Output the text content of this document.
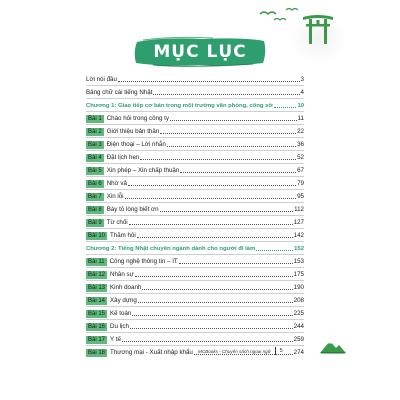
MỤC LỤC
Lời nói đầu	3
Bảng chữ cái tiếng Nhật	4
Chương 1: Giao tiếp cơ bản trong môi trường văn phòng, công sở	10
Bài 1 Chào hỏi trong công ty	11
Bài 2 Giới thiệu bản thân	22
Bài 3 Điện thoại – Lời nhắn	36
Bài 4 Đặt lịch hẹn	52
Bài 5 Xin phép – Xin chấp thuận	67
Bài 6 Nhờ vả	79
Bài 7 Xin lỗi	95
Bài 8 Bày tỏ lòng biết ơn	112
Bài 9 Từ chối	127
Bài 10 Thăm hỏi	142
Chương 2: Tiếng Nhật chuyên ngành dành cho người đi làm	152
Bài 11 Công nghệ thông tin – IT	153
Bài 12 Nhân sự	175
Bài 13 Kinh doanh	190
Bài 14 Xây dựng	208
Bài 15 Kế toán	225
Bài 16 Du lịch	244
Bài 17 Y tế	259
Bài 18 Thương mại - Xuất nhập khẩu	274
MCBooks - Chuyên sách ngoại ngữ 5
